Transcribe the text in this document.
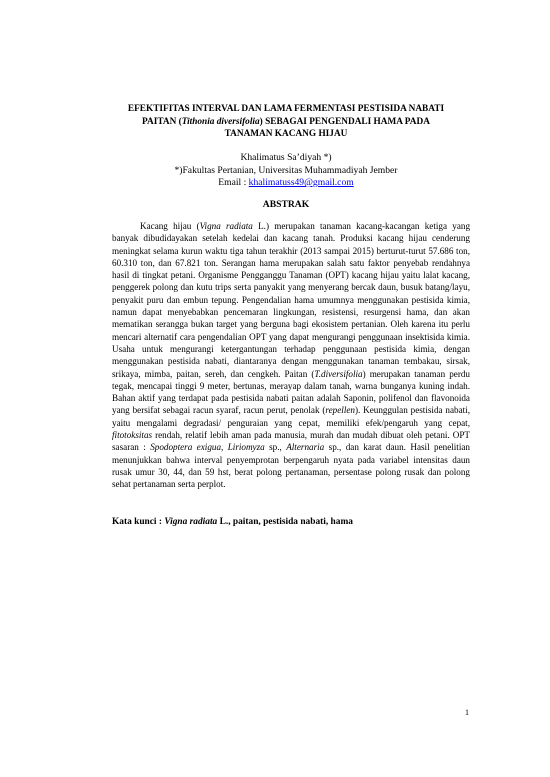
EFEKTIFITAS INTERVAL DAN LAMA FERMENTASI PESTISIDA NABATI
PAITAN (Tithonia diversifolia) SEBAGAI PENGENDALI HAMA PADA
TANAMAN KACANG HIJAU
Khalimatus Sa’diyah *)
*)Fakultas Pertanian, Universitas Muhammadiyah Jember
Email : khalimatuss49@gmail.com
ABSTRAK

Kacang hijau (Vigna radiata L.) merupakan tanaman kacang-kacangan ketiga yang banyak dibudidayakan setelah kedelai dan kacang tanah. Produksi kacang hijau cenderung meningkat selama kurun waktu tiga tahun terakhir (2013 sampai 2015) berturut-turut 57.686 ton, 60.310 ton, dan 67.821 ton. Serangan hama merupakan salah satu faktor penyebab rendahnya hasil di tingkat petani. Organisme Pengganggu Tanaman (OPT) kacang hijau yaitu lalat kacang, penggerek polong dan kutu trips serta panyakit yang menyerang bercak daun, busuk batang/layu, penyakit puru dan embun tepung. Pengendalian hama umumnya menggunakan pestisida kimia, namun dapat menyebabkan pencemaran lingkungan, resistensi, resurgensi hama, dan akan mematikan serangga bukan target yang berguna bagi ekosistem pertanian. Oleh karena itu perlu mencari alternatif cara pengendalian OPT yang dapat mengurangi penggunaan insektisida kimia. Usaha untuk mengurangi ketergantungan terhadap penggunaan pestisida kimia, dengan menggunakan pestisida nabati, diantaranya dengan menggunakan tanaman tembakau, sirsak, srikaya, mimba, paitan, sereh, dan cengkeh. Paitan (T.diversifolia) merupakan tanaman perdu tegak, mencapai tinggi 9 meter, bertunas, merayap dalam tanah, warna bunganya kuning indah. Bahan aktif yang terdapat pada pestisida nabati paitan adalah Saponin, polifenol dan flavonoida yang bersifat sebagai racun syaraf, racun perut, penolak (repellen). Keunggulan pestisida nabati, yaitu mengalami degradasi/ penguraian yang cepat, memiliki efek/pengaruh yang cepat, fitotoksitas rendah, relatif lebih aman pada manusia, murah dan mudah dibuat oleh petani. OPT sasaran : Spodoptera exigua, Liriomyza sp., Alternaria sp., dan karat daun. Hasil penelitian menunjukkan bahwa interval penyemprotan berpengaruh nyata pada variabel intensitas daun rusak umur 30, 44, dan 59 hst, berat polong pertanaman, persentase polong rusak dan polong sehat pertanaman serta perplot.

Kata kunci : Vigna radiata L., paitan, pestisida nabati, hama
1
